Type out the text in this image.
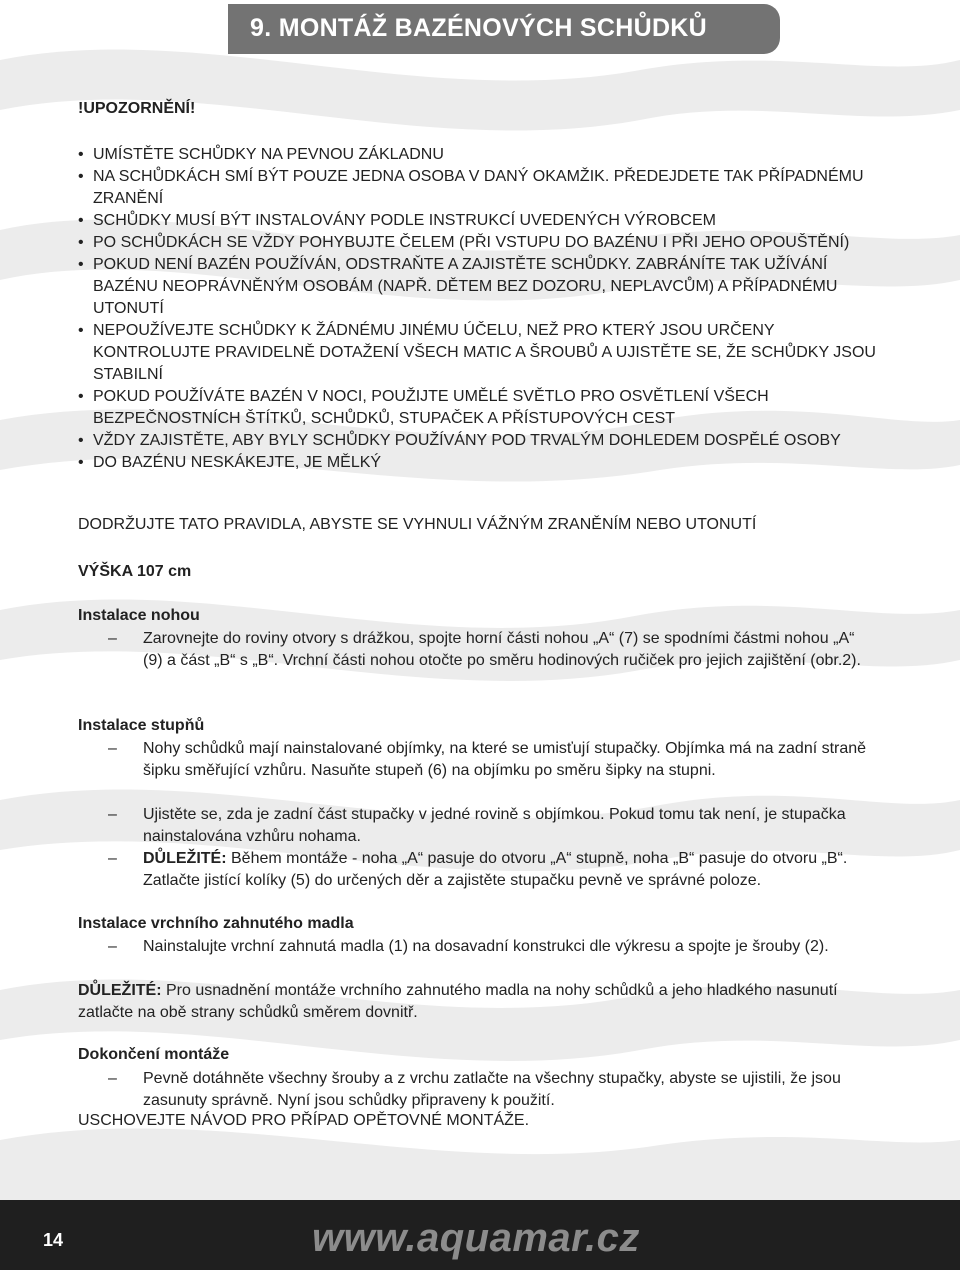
9. MONTÁŽ BAZÉNOVÝCH SCHŮDKŮ
!UPOZORNĚNÍ!
• UMÍSTĚTE SCHŮDKY NA PEVNOU ZÁKLADNU
• NA SCHŮDKÁCH SMÍ BÝT POUZE JEDNA OSOBA V DANÝ OKAMŽIK. PŘEDEJDETE TAK PŘÍPADNÉMU ZRANĚNÍ
• SCHŮDKY MUSÍ BÝT INSTALOVÁNY PODLE INSTRUKCÍ UVEDENÝCH VÝROBCEM
• PO SCHŮDKÁCH SE VŽDY POHYBUJTE ČELEM (PŘI VSTUPU DO BAZÉNU I PŘI JEHO OPOUŠTĚNÍ)
• POKUD NENÍ BAZÉN POUŽÍVÁN, ODSTRAŇTE A ZAJISTĚTE SCHŮDKY. ZABRÁNÍTE TAK UŽÍVÁNÍ BAZÉNU NEOPRÁVNĚNÝM OSOBÁM (NAPŘ. DĚTEM BEZ DOZORU, NEPLAVCŮM) A PŘÍPADNÉMU UTONUTÍ
• NEPOUŽÍVEJTE SCHŮDKY K ŽÁDNÉMU JINÉMU ÚČELU, NEŽ PRO KTERÝ JSOU URČENY KONTROLUJTE PRAVIDELNĚ DOTAŽENÍ VŠECH MATIC A ŠROUBŮ A UJISTĚTE SE, ŽE SCHŮDKY JSOU STABILNÍ
• POKUD POUŽÍVÁTE BAZÉN V NOCI, POUŽIJTE UMĚLÉ SVĚTLO PRO OSVĚTLENÍ VŠECH BEZPEČNOSTNÍCH ŠTÍTKŮ, SCHŮDKŮ, STUPAČEK A PŘÍSTUPOVÝCH CEST
• VŽDY ZAJISTĚTE, ABY BYLY SCHŮDKY POUŽÍVÁNY POD TRVALÝM DOHLEDEM DOSPĚLÉ OSOBY
• DO BAZÉNU NESKÁKEJTE, JE MĚLKÝ
DODRŽUJTE TATO PRAVIDLA, ABYSTE SE VYHNULI VÁŽNÝM ZRANĚNÍM NEBO UTONUTÍ
VÝŠKA 107 cm
Instalace nohou
– Zarovnejte do roviny otvory s drážkou, spojte horní části nohou „A“ (7) se spodními částmi nohou „A“ (9) a část „B“ s „B“. Vrchní části nohou otočte po směru hodinových ručiček pro jejich zajištění (obr.2).
Instalace stupňů
– Nohy schůdků mají nainstalované objímky, na které se umisťují stupačky. Objímka má na zadní straně šipku směřující vzhůru. Nasuňte stupeň (6) na objímku po směru šipky na stupni.
– Ujistěte se, zda je zadní část stupačky v jedné rovině s objímkou. Pokud tomu tak není, je stupačka nainstalována vzhůru nohama.
– DŮLEŽITÉ: Během montáže - noha „A“ pasuje do otvoru „A“ stupně, noha „B“ pasuje do otvoru „B“. Zatlačte jistící kolíky (5) do určených děr a zajistěte stupačku pevně ve správné poloze.
Instalace vrchního zahnutého madla
– Nainstalujte vrchní zahnutá madla (1) na dosavadní konstrukci dle výkresu a spojte je šrouby (2).
DŮLEŽITÉ: Pro usnadnění montáže vrchního zahnutého madla na nohy schůdků a jeho hladkého nasunutí zatlačte na obě strany schůdků směrem dovnitř.
Dokončení montáže
– Pevně dotáhněte všechny šrouby a z vrchu zatlačte na všechny stupačky, abyste se ujistili, že jsou zasunuty správně. Nyní jsou schůdky připraveny k použití.
USCHOVEJTE NÁVOD PRO PŘÍPAD OPĚTOVNÉ MONTÁŽE.
14	www.aquamar.cz
